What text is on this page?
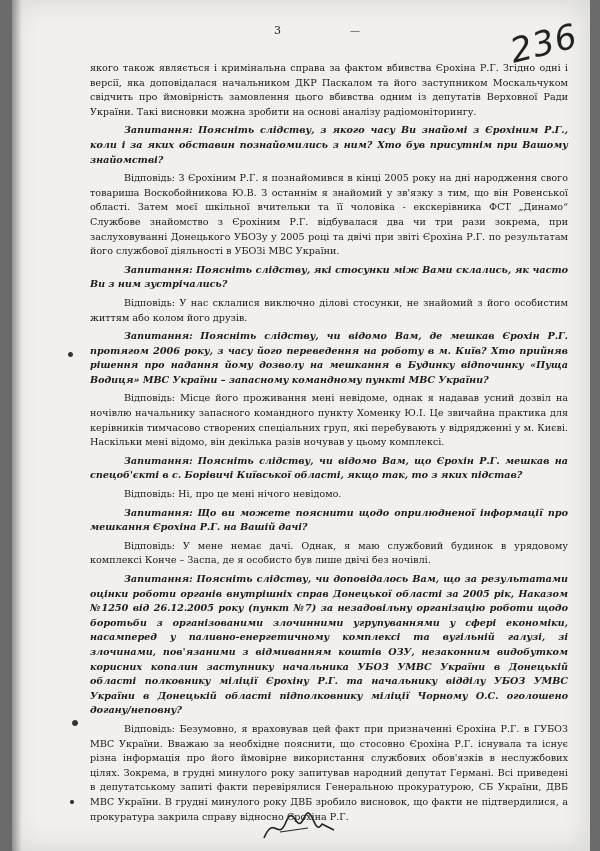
3	—	236

якого також являється і кримінальна справа за фактом вбивства Єрохіна Р.Г. Згідно одні і версії, яка доповідалася начальником ДКР Паскалом та його заступником Москальчуком свідчить про ймовірність замовлення цього вбивства одним із депутатів Верховної Ради України. Такі висновки можна зробити на основі аналізу радіомоніторингу.

Запитання: Поясніть слідству, з якого часу Ви знайомі з Єрохіним Р.Г., коли і за яких обставин познайомились з ним? Хто був присутнім при Вашому знайомстві?

Відповідь: З Єрохіним Р.Г. я познайомився в кінці 2005 року на дні народження свого товариша Воскобойникова Ю.В. З останнім я знайомий у зв'язку з тим, що він Ровенської області. Затем моєї шкільної вчительки та її чоловіка - екскерівника ФСТ „Динамо“ Службове знайомство з Єрохіним Р.Г. відбувалася два чи три рази зокрема, при заслуховуванні Донецького УБОЗу у 2005 році та двічі при звіті Єрохіна Р.Г. по результатам його службової діяльності в УБОЗі МВС України.

Запитання: Поясніть слідству, які стосунки між Вами склались, як часто Ви з ним зустрічались?

Відповідь: У нас склалися виключно ділові стосунки, не знайомий з його особистим життям або колом його друзів.

Запитання: Поясніть слідству, чи відомо Вам, де мешкав Єрохін Р.Г. протягом 2006 року, з часу його переведення на роботу в м. Київ? Хто прийняв рішення про надання йому дозволу на мешкання в Будинку відпочинку «Пуща Водиця» МВС України – запасному командному пункті МВС України?

Відповідь: Місце його проживання мені невідоме, однак я надавав усний дозвіл на ночівлю начальнику запасного командного пункту Хоменку Ю.І. Це звичайна практика для керівників тимчасово створених спеціальних груп, які перебувають у відрядженні у м. Києві. Наскільки мені відомо, він декілька разів ночував у цьому комплексі.

Запитання: Поясніть слідству, чи відомо Вам, що Єрохін Р.Г. мешкав на спецоб'єкті в с. Борівичі Київської області, якщо так, то з яких підстав?

Відповідь: Ні, про це мені нічого невідомо.

Запитання: Що ви можете пояснити щодо оприлюдненої інформації про мешкання Єрохіна Р.Г. на Вашій дачі?

Відповідь: У мене немає дачі. Однак, я маю службовий будинок в урядовому комплексі Конче – Заспа, де я особисто був лише двічі без ночівлі.

Запитання: Поясніть слідству, чи доповідалось Вам, що за результатами оцінки роботи органів внутрішніх справ Донецької області за 2005 рік, Наказом №1250 від 26.12.2005 року (пункт №7) за незадовільну організацію роботи щодо боротьби з організованими злочинними угрупуваннями у сфері економіки, насамперед у паливно-енергетичному комплексі та вугільній галузі, зі злочинами, пов'язаними з відмиванням коштів ОЗУ, незаконним видобутком корисних копалин заступнику начальника УБОЗ УМВС України в Донецькій області полковнику міліції Єрохіну Р.Г. та начальнику відділу УБОЗ УМВС України в Донецькій області підполковнику міліції Чорному О.С. оголошено догану/неповну?

Відповідь: Безумовно, я враховував цей факт при призначенні Єрохіна Р.Г. в ГУБОЗ МВС України. Вважаю за необхідне пояснити, що стосовно Єрохіна Р.Г. існувала та існує різна інформація про його ймовірне використання службових обов'язків в неслужбових цілях. Зокрема, в грудні минулого року запитував народний депутат Германі. Всі приведені в депутатському запиті факти перевірялися Генеральною прокуратурою, СБ України, ДВБ МВС України. В грудні минулого року ДВБ зробило висновок, що факти не підтвердилися, а прокуратура закрила справу відносно Єрохіна Р.Г.
